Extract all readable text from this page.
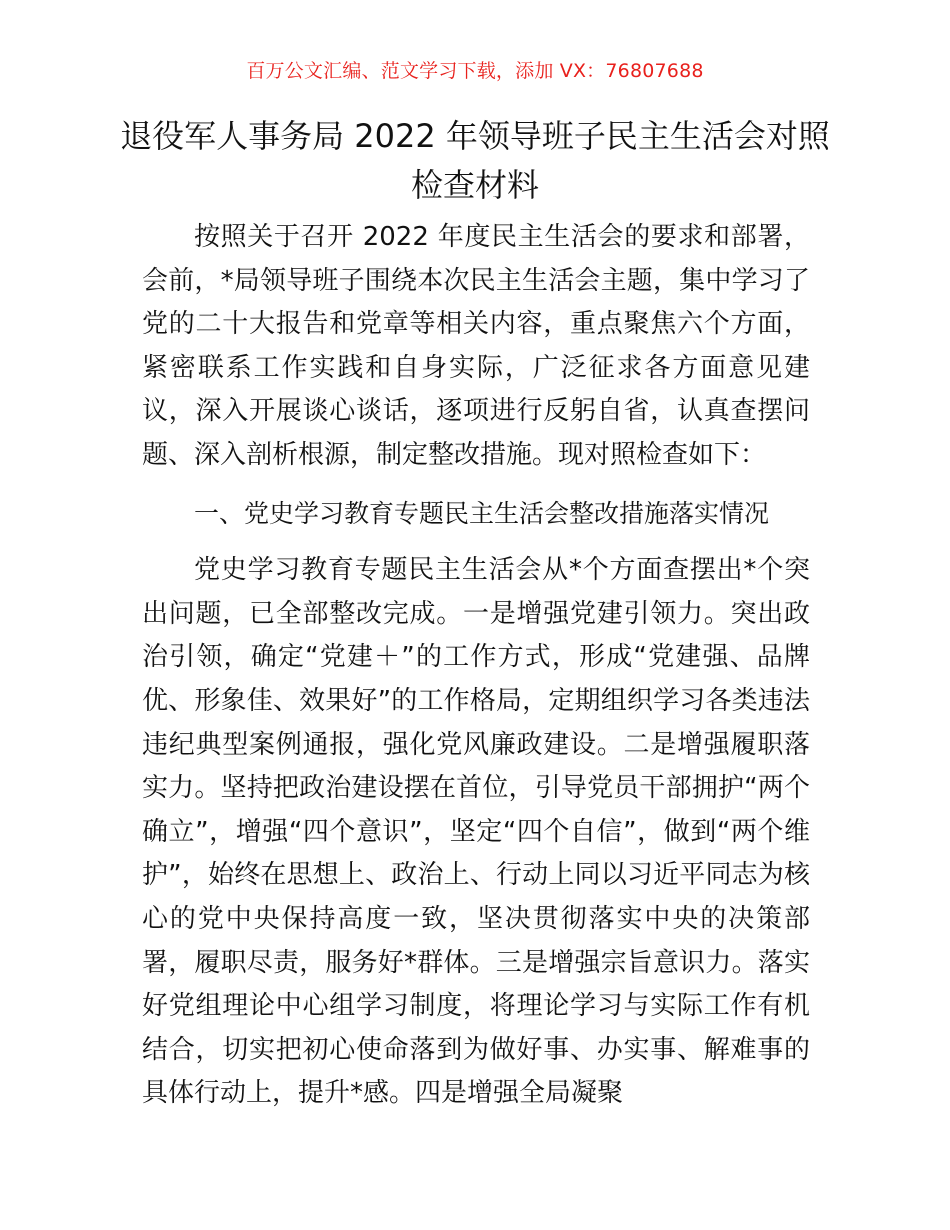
百万公文汇编、范文学习下载，添加 VX：76807688
退役军人事务局 2022 年领导班子民主生活会对照检查材料

按照关于召开 2022 年度民主生活会的要求和部署，会前，*局领导班子围绕本次民主生活会主题，集中学习了党的二十大报告和党章等相关内容，重点聚焦六个方面，紧密联系工作实践和自身实际，广泛征求各方面意见建议，深入开展谈心谈话，逐项进行反躬自省，认真查摆问题、深入剖析根源，制定整改措施。现对照检查如下：

一、党史学习教育专题民主生活会整改措施落实情况

党史学习教育专题民主生活会从*个方面查摆出*个突出问题，已全部整改完成。一是增强党建引领力。突出政治引领，确定“党建＋”的工作方式，形成“党建强、品牌优、形象佳、效果好”的工作格局，定期组织学习各类违法违纪典型案例通报，强化党风廉政建设。二是增强履职落实力。坚持把政治建设摆在首位，引导党员干部拥护“两个确立”，增强“四个意识”，坚定“四个自信”，做到“两个维护”，始终在思想上、政治上、行动上同以习近平同志为核心的党中央保持高度一致，坚决贯彻落实中央的决策部署，履职尽责，服务好*群体。三是增强宗旨意识力。落实好党组理论中心组学习制度，将理论学习与实际工作有机结合，切实把初心使命落到为做好事、办实事、解难事的具体行动上，提升*感。四是增强全局凝聚
